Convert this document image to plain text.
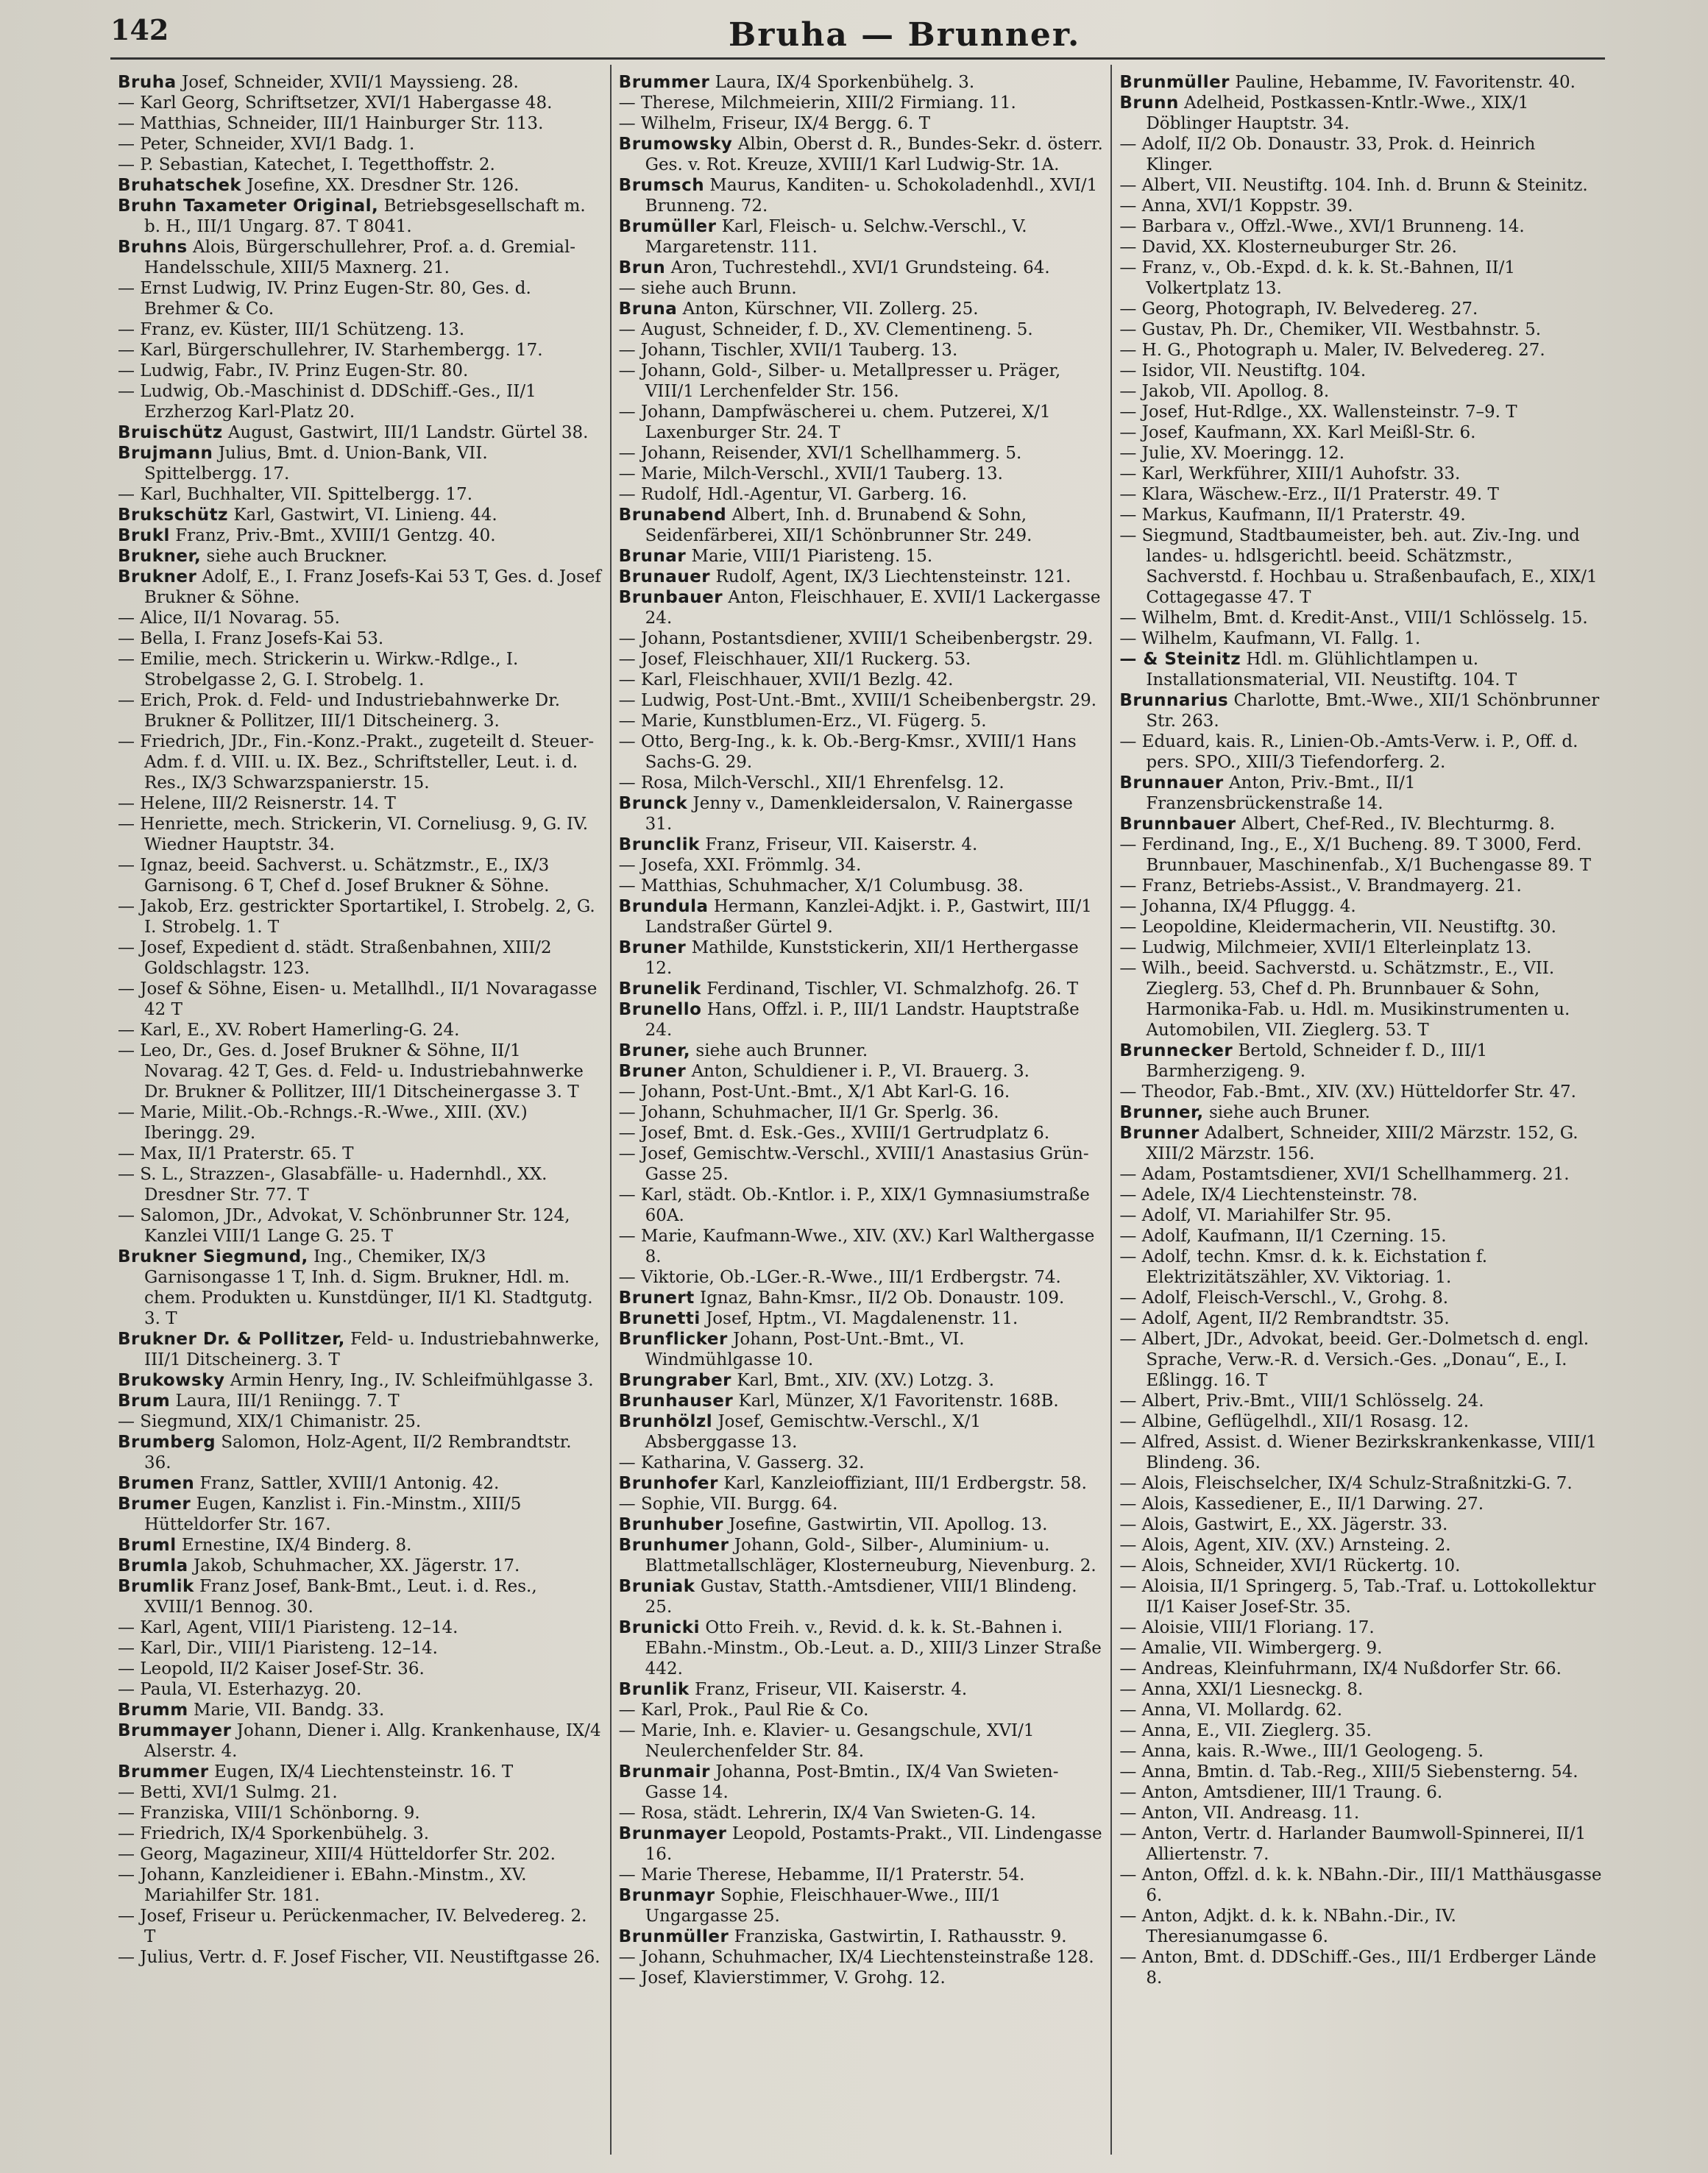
142	Bruha — Brunner.
Bruha Josef, Schneider, XVII/1 Mayssieng. 28.
— Karl Georg, Schriftsetzer, XVI/1 Habergasse 48.
— Matthias, Schneider, III/1 Hainburger Str. 113.
— Peter, Schneider, XVI/1 Badg. 1.
— P. Sebastian, Katechet, I. Tegetthoffstr. 2.
Bruhatschek Josefine, XX. Dresdner Str. 126.
Bruhn Taxameter Original, Betriebsgesellschaft m. b. H., III/1 Ungarg. 87. T 8041.
Bruhns Alois, Bürgerschullehrer, Prof. a. d. Gremial-Handelsschule, XIII/5 Maxnerg. 21.
— Ernst Ludwig, IV. Prinz Eugen-Str. 80, Ges. d. Brehmer & Co.
— Franz, ev. Küster, III/1 Schützeng. 13.
— Karl, Bürgerschullehrer, IV. Starhembergg. 17.
— Ludwig, Fabr., IV. Prinz Eugen-Str. 80.
— Ludwig, Ob.-Maschinist d. DDSchiff.-Ges., II/1 Erzherzog Karl-Platz 20.
Bruischütz August, Gastwirt, III/1 Landstr. Gürtel 38.
Brujmann Julius, Bmt. d. Union-Bank, VII. Spittelbergg. 17.
— Karl, Buchhalter, VII. Spittelbergg. 17.
Brukschütz Karl, Gastwirt, VI. Linieng. 44.
Brukl Franz, Priv.-Bmt., XVIII/1 Gentzg. 40.
Brukner, siehe auch Bruckner.
Brukner Adolf, E., I. Franz Josefs-Kai 53 T, Ges. d. Josef Brukner & Söhne.
— Alice, II/1 Novarag. 55.
— Bella, I. Franz Josefs-Kai 53.
— Emilie, mech. Strickerin u. Wirkw.-Rdlge., I. Strobelgasse 2, G. I. Strobelg. 1.
— Erich, Prok. d. Feld- und Industriebahnwerke Dr. Brukner & Pollitzer, III/1 Ditscheinerg. 3.
— Friedrich, JDr., Fin.-Konz.-Prakt., zugeteilt d. Steuer-Adm. f. d. VIII. u. IX. Bez., Schriftsteller, Leut. i. d. Res., IX/3 Schwarzspanierstr. 15.
— Helene, III/2 Reisnerstr. 14. T
— Henriette, mech. Strickerin, VI. Corneliusg. 9, G. IV. Wiedner Hauptstr. 34.
— Ignaz, beeid. Sachverst. u. Schätzmstr., E., IX/3 Garnisong. 6 T, Chef d. Josef Brukner & Söhne.
— Jakob, Erz. gestrickter Sportartikel, I. Strobelg. 2, G. I. Strobelg. 1. T
— Josef, Expedient d. städt. Straßenbahnen, XIII/2 Goldschlagstr. 123.
— Josef & Söhne, Eisen- u. Metallhdl., II/1 Novaragasse 42 T
— Karl, E., XV. Robert Hamerling-G. 24.
— Leo, Dr., Ges. d. Josef Brukner & Söhne, II/1 Novarag. 42 T, Ges. d. Feld- u. Industriebahnwerke Dr. Brukner & Pollitzer, III/1 Ditscheinergasse 3. T
— Marie, Milit.-Ob.-Rchngs.-R.-Wwe., XIII. (XV.) Iberingg. 29.
— Max, II/1 Praterstr. 65. T
— S. L., Strazzen-, Glasabfälle- u. Hadernhdl., XX. Dresdner Str. 77. T
— Salomon, JDr., Advokat, V. Schönbrunner Str. 124, Kanzlei VIII/1 Lange G. 25. T
Brukner Siegmund, Ing., Chemiker, IX/3 Garnisongasse 1 T, Inh. d. Sigm. Brukner, Hdl. m. chem. Produkten u. Kunstdünger, II/1 Kl. Stadtgutg. 3. T
Brukner Dr. & Pollitzer, Feld- u. Industriebahnwerke, III/1 Ditscheinerg. 3. T
Brukowsky Armin Henry, Ing., IV. Schleifmühlgasse 3.
Brum Laura, III/1 Reniingg. 7. T
— Siegmund, XIX/1 Chimanistr. 25.
Brumberg Salomon, Holz-Agent, II/2 Rembrandtstr. 36.
Brumen Franz, Sattler, XVIII/1 Antonig. 42.
Brumer Eugen, Kanzlist i. Fin.-Minstm., XIII/5 Hütteldorfer Str. 167.
Bruml Ernestine, IX/4 Binderg. 8.
Brumla Jakob, Schuhmacher, XX. Jägerstr. 17.
Brumlik Franz Josef, Bank-Bmt., Leut. i. d. Res., XVIII/1 Bennog. 30.
— Karl, Agent, VIII/1 Piaristeng. 12–14.
— Karl, Dir., VIII/1 Piaristeng. 12–14.
— Leopold, II/2 Kaiser Josef-Str. 36.
— Paula, VI. Esterhazyg. 20.
Brumm Marie, VII. Bandg. 33.
Brummayer Johann, Diener i. Allg. Krankenhause, IX/4 Alserstr. 4.
Brummer Eugen, IX/4 Liechtensteinstr. 16. T
— Betti, XVI/1 Sulmg. 21.
— Franziska, VIII/1 Schönborng. 9.
— Friedrich, IX/4 Sporkenbühelg. 3.
— Georg, Magazineur, XIII/4 Hütteldorfer Str. 202.
— Johann, Kanzleidiener i. EBahn.-Minstm., XV. Mariahilfer Str. 181.
— Josef, Friseur u. Perückenmacher, IV. Belvedereg. 2. T
— Julius, Vertr. d. F. Josef Fischer, VII. Neustiftgasse 26.
Brummer Laura, IX/4 Sporkenbühelg. 3.
— Therese, Milchmeierin, XIII/2 Firmiang. 11.
— Wilhelm, Friseur, IX/4 Bergg. 6. T
Brumowsky Albin, Oberst d. R., Bundes-Sekr. d. österr. Ges. v. Rot. Kreuze, XVIII/1 Karl Ludwig-Str. 1A.
Brumsch Maurus, Kanditen- u. Schokoladenhdl., XVI/1 Brunneng. 72.
Brumüller Karl, Fleisch- u. Selchw.-Verschl., V. Margaretenstr. 111.
Brun Aron, Tuchrestehdl., XVI/1 Grundsteing. 64.
— siehe auch Brunn.
Bruna Anton, Kürschner, VII. Zollerg. 25.
— August, Schneider, f. D., XV. Clementineng. 5.
— Johann, Tischler, XVII/1 Tauberg. 13.
— Johann, Gold-, Silber- u. Metallpresser u. Präger, VIII/1 Lerchenfelder Str. 156.
— Johann, Dampfwäscherei u. chem. Putzerei, X/1 Laxenburger Str. 24. T
— Johann, Reisender, XVI/1 Schellhammerg. 5.
— Marie, Milch-Verschl., XVII/1 Tauberg. 13.
— Rudolf, Hdl.-Agentur, VI. Garberg. 16.
Brunabend Albert, Inh. d. Brunabend & Sohn, Seidenfärberei, XII/1 Schönbrunner Str. 249.
Brunar Marie, VIII/1 Piaristeng. 15.
Brunauer Rudolf, Agent, IX/3 Liechtensteinstr. 121.
Brunbauer Anton, Fleischhauer, E. XVII/1 Lackergasse 24.
— Johann, Postantsdiener, XVIII/1 Scheibenbergstr. 29.
— Josef, Fleischhauer, XII/1 Ruckerg. 53.
— Karl, Fleischhauer, XVII/1 Bezlg. 42.
— Ludwig, Post-Unt.-Bmt., XVIII/1 Scheibenbergstr. 29.
— Marie, Kunstblumen-Erz., VI. Fügerg. 5.
— Otto, Berg-Ing., k. k. Ob.-Berg-Kmsr., XVIII/1 Hans Sachs-G. 29.
— Rosa, Milch-Verschl., XII/1 Ehrenfelsg. 12.
Brunck Jenny v., Damenkleidersalon, V. Rainergasse 31.
Brunclik Franz, Friseur, VII. Kaiserstr. 4.
— Josefa, XXI. Frömmlg. 34.
— Matthias, Schuhmacher, X/1 Columbusg. 38.
Brundula Hermann, Kanzlei-Adjkt. i. P., Gastwirt, III/1 Landstraßer Gürtel 9.
Bruner Mathilde, Kunststickerin, XII/1 Herthergasse 12.
Brunelik Ferdinand, Tischler, VI. Schmalzhofg. 26. T
Brunello Hans, Offzl. i. P., III/1 Landstr. Hauptstraße 24.
Bruner, siehe auch Brunner.
Bruner Anton, Schuldiener i. P., VI. Brauerg. 3.
— Johann, Post-Unt.-Bmt., X/1 Abt Karl-G. 16.
— Johann, Schuhmacher, II/1 Gr. Sperlg. 36.
— Josef, Bmt. d. Esk.-Ges., XVIII/1 Gertrudplatz 6.
— Josef, Gemischtw.-Verschl., XVIII/1 Anastasius Grün-Gasse 25.
— Karl, städt. Ob.-Kntlor. i. P., XIX/1 Gymnasiumstraße 60A.
— Marie, Kaufmann-Wwe., XIV. (XV.) Karl Walthergasse 8.
— Viktorie, Ob.-LGer.-R.-Wwe., III/1 Erdbergstr. 74.
Brunert Ignaz, Bahn-Kmsr., II/2 Ob. Donaustr. 109.
Brunetti Josef, Hptm., VI. Magdalenenstr. 11.
Brunflicker Johann, Post-Unt.-Bmt., VI. Windmühlgasse 10.
Brungraber Karl, Bmt., XIV. (XV.) Lotzg. 3.
Brunhauser Karl, Münzer, X/1 Favoritenstr. 168B.
Brunhölzl Josef, Gemischtw.-Verschl., X/1 Absberggasse 13.
— Katharina, V. Gasserg. 32.
Brunhofer Karl, Kanzleioffiziant, III/1 Erdbergstr. 58.
— Sophie, VII. Burgg. 64.
Brunhuber Josefine, Gastwirtin, VII. Apollog. 13.
Brunhumer Johann, Gold-, Silber-, Aluminium- u. Blattmetallschläger, Klosterneuburg, Nievenburg. 2.
Bruniak Gustav, Statth.-Amtsdiener, VIII/1 Blindeng. 25.
Brunicki Otto Freih. v., Revid. d. k. k. St.-Bahnen i. EBahn.-Minstm., Ob.-Leut. a. D., XIII/3 Linzer Straße 442.
Brunlik Franz, Friseur, VII. Kaiserstr. 4.
— Karl, Prok., Paul Rie & Co.
— Marie, Inh. e. Klavier- u. Gesangschule, XVI/1 Neulerchenfelder Str. 84.
Brunmair Johanna, Post-Bmtin., IX/4 Van Swieten-Gasse 14.
— Rosa, städt. Lehrerin, IX/4 Van Swieten-G. 14.
Brunmayer Leopold, Postamts-Prakt., VII. Lindengasse 16.
— Marie Therese, Hebamme, II/1 Praterstr. 54.
Brunmayr Sophie, Fleischhauer-Wwe., III/1 Ungargasse 25.
Brunmüller Franziska, Gastwirtin, I. Rathausstr. 9.
— Johann, Schuhmacher, IX/4 Liechtensteinstraße 128.
— Josef, Klavierstimmer, V. Grohg. 12.
Brunmüller Pauline, Hebamme, IV. Favoritenstr. 40.
Brunn Adelheid, Postkassen-Kntlr.-Wwe., XIX/1 Döblinger Hauptstr. 34.
— Adolf, II/2 Ob. Donaustr. 33, Prok. d. Heinrich Klinger.
— Albert, VII. Neustiftg. 104. Inh. d. Brunn & Steinitz.
— Anna, XVI/1 Koppstr. 39.
— Barbara v., Offzl.-Wwe., XVI/1 Brunneng. 14.
— David, XX. Klosterneuburger Str. 26.
— Franz, v., Ob.-Expd. d. k. k. St.-Bahnen, II/1 Volkertplatz 13.
— Georg, Photograph, IV. Belvedereg. 27.
— Gustav, Ph. Dr., Chemiker, VII. Westbahnstr. 5.
— H. G., Photograph u. Maler, IV. Belvedereg. 27.
— Isidor, VII. Neustiftg. 104.
— Jakob, VII. Apollog. 8.
— Josef, Hut-Rdlge., XX. Wallensteinstr. 7–9. T
— Josef, Kaufmann, XX. Karl Meißl-Str. 6.
— Julie, XV. Moeringg. 12.
— Karl, Werkführer, XIII/1 Auhofstr. 33.
— Klara, Wäschew.-Erz., II/1 Praterstr. 49. T
— Markus, Kaufmann, II/1 Praterstr. 49.
— Siegmund, Stadtbaumeister, beh. aut. Ziv.-Ing. und landes- u. hdlsgerichtl. beeid. Schätzmstr., Sachverstd. f. Hochbau u. Straßenbaufach, E., XIX/1 Cottagegasse 47. T
— Wilhelm, Bmt. d. Kredit-Anst., VIII/1 Schlösselg. 15.
— Wilhelm, Kaufmann, VI. Fallg. 1.
— & Steinitz Hdl. m. Glühlichtlampen u. Installationsmaterial, VII. Neustiftg. 104. T
Brunnarius Charlotte, Bmt.-Wwe., XII/1 Schönbrunner Str. 263.
— Eduard, kais. R., Linien-Ob.-Amts-Verw. i. P., Off. d. pers. SPO., XIII/3 Tiefendorferg. 2.
Brunnauer Anton, Priv.-Bmt., II/1 Franzensbrückenstraße 14.
Brunnbauer Albert, Chef-Red., IV. Blechturmg. 8.
— Ferdinand, Ing., E., X/1 Bucheng. 89. T 3000, Ferd. Brunnbauer, Maschinenfab., X/1 Buchengasse 89. T
— Franz, Betriebs-Assist., V. Brandmayerg. 21.
— Johanna, IX/4 Pfluggg. 4.
— Leopoldine, Kleidermacherin, VII. Neustiftg. 30.
— Ludwig, Milchmeier, XVII/1 Elterleinplatz 13.
— Wilh., beeid. Sachverstd. u. Schätzmstr., E., VII. Zieglerg. 53, Chef d. Ph. Brunnbauer & Sohn, Harmonika-Fab. u. Hdl. m. Musikinstrumenten u. Automobilen, VII. Zieglerg. 53. T
Brunnecker Bertold, Schneider f. D., III/1 Barmherzigeng. 9.
— Theodor, Fab.-Bmt., XIV. (XV.) Hütteldorfer Str. 47.
Brunner, siehe auch Bruner.
Brunner Adalbert, Schneider, XIII/2 Märzstr. 152, G. XIII/2 Märzstr. 156.
— Adam, Postamtsdiener, XVI/1 Schellhammerg. 21.
— Adele, IX/4 Liechtensteinstr. 78.
— Adolf, VI. Mariahilfer Str. 95.
— Adolf, Kaufmann, II/1 Czerning. 15.
— Adolf, techn. Kmsr. d. k. k. Eichstation f. Elektrizitätszähler, XV. Viktoriag. 1.
— Adolf, Fleisch-Verschl., V., Grohg. 8.
— Adolf, Agent, II/2 Rembrandtstr. 35.
— Albert, JDr., Advokat, beeid. Ger.-Dolmetsch d. engl. Sprache, Verw.-R. d. Versich.-Ges. „Donau“, E., I. Eßlingg. 16. T
— Albert, Priv.-Bmt., VIII/1 Schlösselg. 24.
— Albine, Geflügelhdl., XII/1 Rosasg. 12.
— Alfred, Assist. d. Wiener Bezirkskrankenkasse, VIII/1 Blindeng. 36.
— Alois, Fleischselcher, IX/4 Schulz-Straßnitzki-G. 7.
— Alois, Kassediener, E., II/1 Darwing. 27.
— Alois, Gastwirt, E., XX. Jägerstr. 33.
— Alois, Agent, XIV. (XV.) Arnsteing. 2.
— Alois, Schneider, XVI/1 Rückertg. 10.
— Aloisia, II/1 Springerg. 5, Tab.-Traf. u. Lottokollektur II/1 Kaiser Josef-Str. 35.
— Aloisie, VIII/1 Floriang. 17.
— Amalie, VII. Wimbergerg. 9.
— Andreas, Kleinfuhrmann, IX/4 Nußdorfer Str. 66.
— Anna, XXI/1 Liesneckg. 8.
— Anna, VI. Mollardg. 62.
— Anna, E., VII. Zieglerg. 35.
— Anna, kais. R.-Wwe., III/1 Geologeng. 5.
— Anna, Bmtin. d. Tab.-Reg., XIII/5 Siebensterng. 54.
— Anton, Amtsdiener, III/1 Traung. 6.
— Anton, VII. Andreasg. 11.
— Anton, Vertr. d. Harlander Baumwoll-Spinnerei, II/1 Alliertenstr. 7.
— Anton, Offzl. d. k. k. NBahn.-Dir., III/1 Matthäusgasse 6.
— Anton, Adjkt. d. k. k. NBahn.-Dir., IV. Theresianumgasse 6.
— Anton, Bmt. d. DDSchiff.-Ges., III/1 Erdberger Lände 8.
